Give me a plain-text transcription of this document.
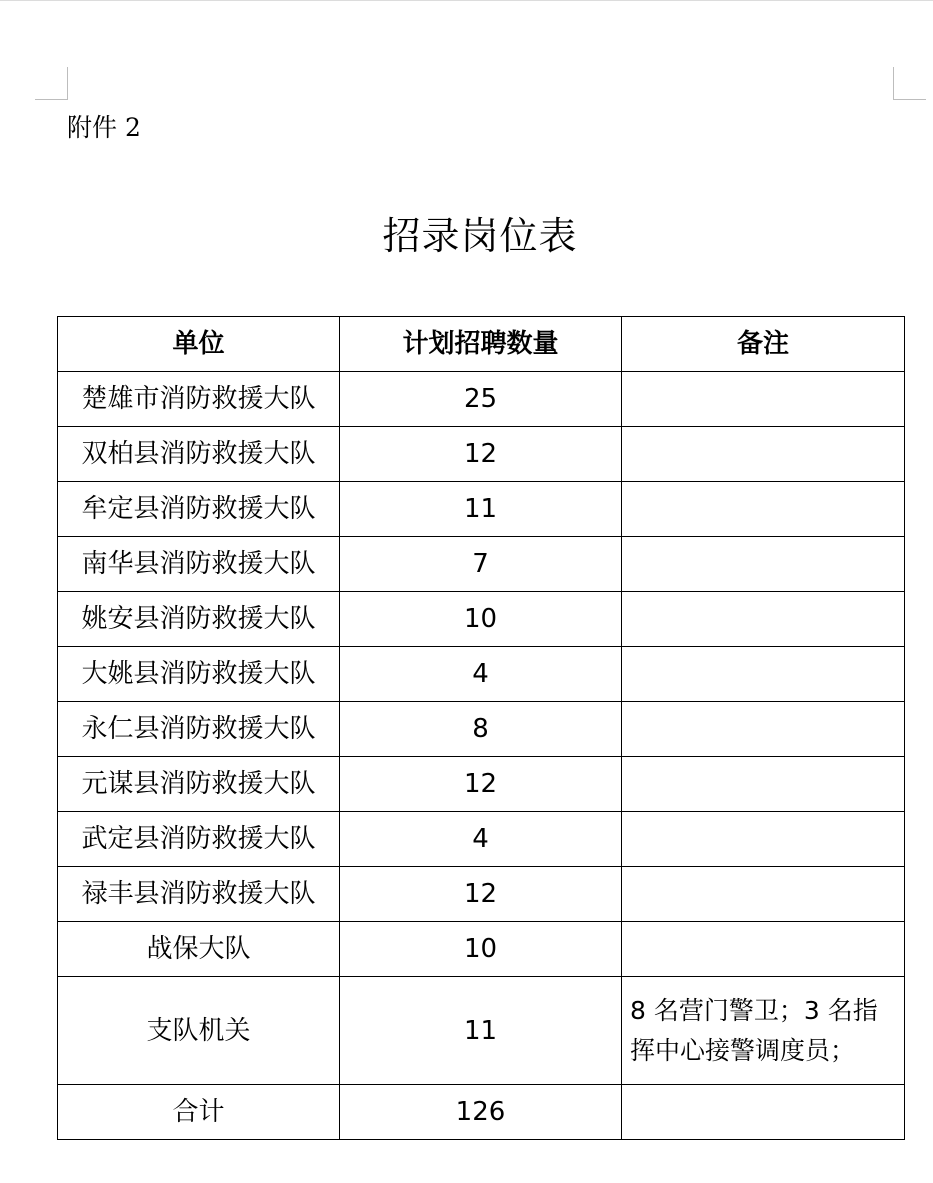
附件 2
招录岗位表
单位	计划招聘数量	备注
楚雄市消防救援大队	25	
双柏县消防救援大队	12	
牟定县消防救援大队	11	
南华县消防救援大队	7	
姚安县消防救援大队	10	
大姚县消防救援大队	4	
永仁县消防救援大队	8	
元谋县消防救援大队	12	
武定县消防救援大队	4	
禄丰县消防救援大队	12	
战保大队	10	
支队机关	11	8 名营门警卫；3 名指挥中心接警调度员；
合计	126	
